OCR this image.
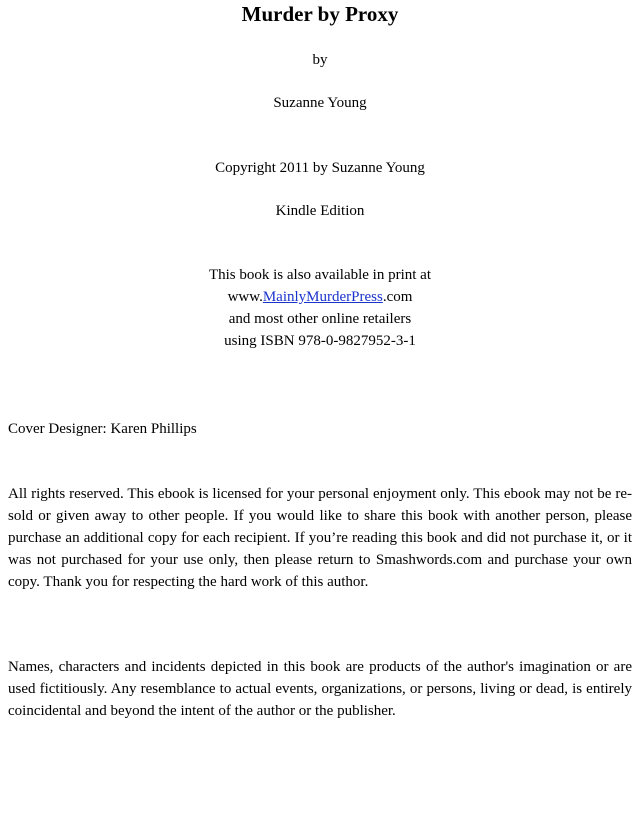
Murder by Proxy
by
Suzanne Young
Copyright 2011 by Suzanne Young
Kindle Edition
This book is also available in print at
www.MainlyMurderPress.com
and most other online retailers
using ISBN 978-0-9827952-3-1
Cover Designer: Karen Phillips
All rights reserved. This ebook is licensed for your personal enjoyment only. This ebook may not be re-sold or given away to other people. If you would like to share this book with another person, please purchase an additional copy for each recipient. If you’re reading this book and did not purchase it, or it was not purchased for your use only, then please return to Smashwords.com and purchase your own copy. Thank you for respecting the hard work of this author.
Names, characters and incidents depicted in this book are products of the author's imagination or are used fictitiously. Any resemblance to actual events, organizations, or persons, living or dead, is entirely coincidental and beyond the intent of the author or the publisher.
